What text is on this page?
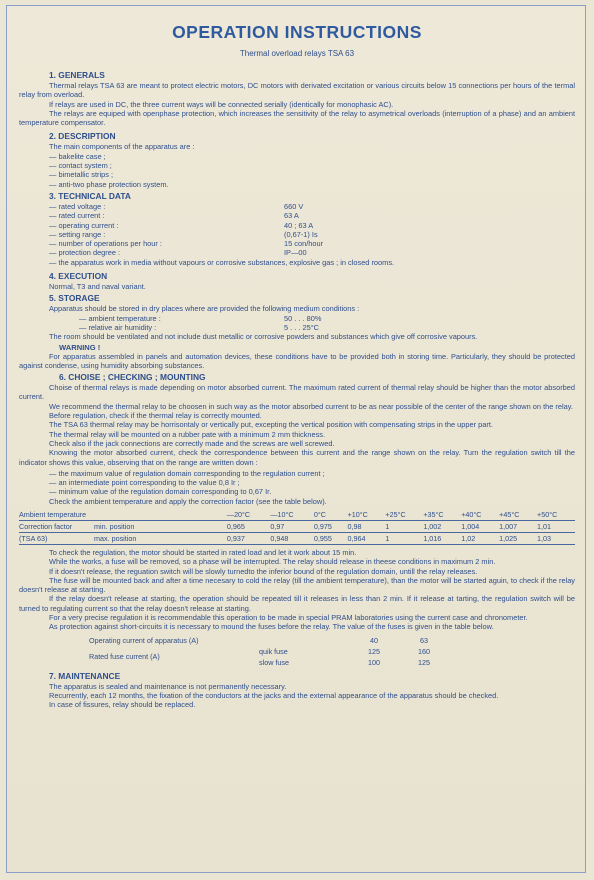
OPERATION INSTRUCTIONS
Thermal overload relays TSA 63
1. GENERALS

Thermal relays TSA 63 are meant to protect electric motors, DC motors with derivated excitation or various circuits below 15 connections per hours of the termal relay from overload.

If relays are used in DC, the three current ways will be connected serially (identically for monophasic AC).

The relays are equiped with openphase protection, which increases the sensitivity of the relay to asymetrical overloads (interruption of a phase) and an ambient temperature compensator.

2. DESCRIPTION
The main components of the apparatus are :
— bakelite case ;
— contact system ;
— bimetallic strips ;
— anti-two phase protection system.
3. TECHNICAL DATA
— rated voltage :	660 V
— rated current :	63 A
— operating current :	40 ; 63 A
— setting range :	(0,67-1) Is
— number of operations per hour :	15 con/hour
— protection degree :	IP—00
— the apparatus work in media without vapours or corrosive substances, explosive gas ; in closed rooms.
4. EXECUTION
Normal, T3 and naval variant.
5. STORAGE
Apparatus should be stored in dry places where are provided the following medium conditions :
— ambient temperature :	50 . . . 80%
— relative air humidity :	5 . . . 25°C

The room should be ventilated and not include dust metallic or corrosive powders and substances which give off corrosive vapours.

WARNING !

For apparatus assembled in panels and automation devices, these conditions have to be provided both in storing time. Particularly, they should be protected against condense, using humidity absorbing substances.

6. CHOISE ; CHECKING ; MOUNTING

Choise of thermal relays is made depending on motor absorbed current. The maximum rated current of thermal relay should be higher than the motor absorbed current.

We recommend the thermal relay to be choosen in such way as the motor absorbed current to be as near possible of the center of the range shown on the relay.

Before regulation, check if the thermal relay is correctly mounted.

The TSA 63 thermal relay may be horrisontaly or vertically put, excepting the vertical position with compensating strips in the upper part.

The thermal relay will be mounted on a rubber pate with a minimum 2 mm thickness.

Check also if the jack connections are correctly made and the screws are well screwed.

Knowing the motor absorbed current, check the correspondence between this current and the range shown on the relay. Turn the regulation switch till the indicator shows this value, observing that on the range are written down :

— the maximum value of regulation domain corresponding to the regulation current ;
— an intermediate point corresponding to the value 0,8 Ir ;
— minimum value of the regulation domain corresponding to 0,67 Ir.
Check the ambient temperature and apply the correction factor (see the table below).
Ambient temperature			—20°C	—10°C	0°C	+10°C	+25°C	+35°C	+40°C	+45°C	+50°C
Correction factor	min. position		0,965	0,97	0,975	0,98	1	1,002	1,004	1,007	1,01
(TSA 63)	max. position		0,937	0,948	0,955	0,964	1	1,016	1,02	1,025	1,03

To check the regulation, the motor should be started in rated load and let it work about 15 min.

While the works, a fuse will be removed, so a phase will be interrupted. The relay should release in theese conditions in maximum 2 min.

If it doesn't release, the reguation switch will be slowly turnedto the inferior bound of the regulation domain, untill the relay releases.

The fuse will be mounted back and after a time necesary to cold the relay (till the ambient temperature), than the motor will be started aguin, to check if the relay doesn't release at starting.

If the relay doesn't release at starting, the operation should be repeated till it releases in less than 2 min. If it release at tarting, the regulation switch will be turned to regulating current so that the relay doesn't release at starting.

For a very precise regulation it is recommendable this operation to be made in special PRAM laboratories using the current case and chronometer.

As protection against short-circuits it is necessary to mound the fuses before the relay. The value of the fuses is given in the table below.

Operating current of apparatus (A)		40	63
Rated fuse current (A)	quik fuse	125	160
	slow fuse	100	125
7. MAINTENANCE

The apparatus is sealed and maintenance is not permanently necessary.

Recurrently, each 12 months, the fixation of the conductors at the jacks and the external appearance of the apparatus should be checked.

In case of fissures, relay should be replaced.
